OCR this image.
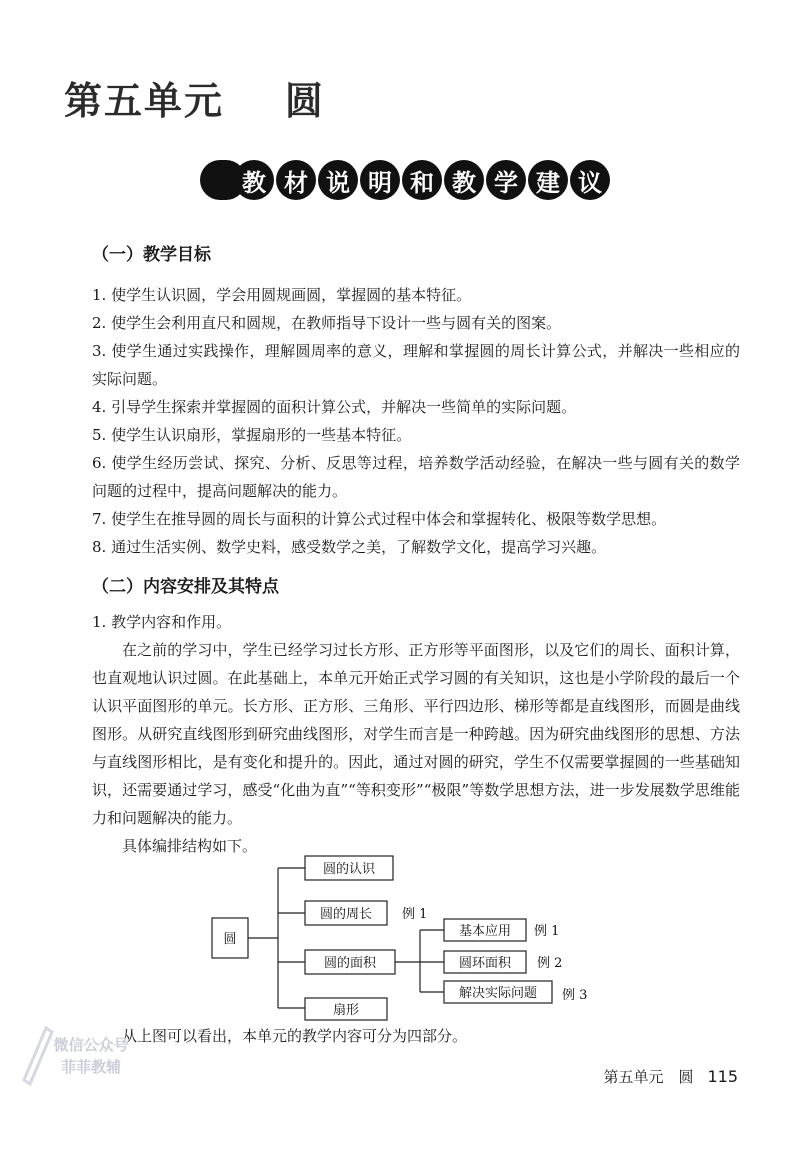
第五单元    圆
教 材 说 明 和 教 学 建 议
（一）教学目标
1. 使学生认识圆，学会用圆规画圆，掌握圆的基本特征。
2. 使学生会利用直尺和圆规，在教师指导下设计一些与圆有关的图案。
3. 使学生通过实践操作，理解圆周率的意义，理解和掌握圆的周长计算公式，并解决一些相应的实际问题。
4. 引导学生探索并掌握圆的面积计算公式，并解决一些简单的实际问题。
5. 使学生认识扇形，掌握扇形的一些基本特征。
6. 使学生经历尝试、探究、分析、反思等过程，培养数学活动经验，在解决一些与圆有关的数学问题的过程中，提高问题解决的能力。
7. 使学生在推导圆的周长与面积的计算公式过程中体会和掌握转化、极限等数学思想。
8. 通过生活实例、数学史料，感受数学之美，了解数学文化，提高学习兴趣。
（二）内容安排及其特点
1. 教学内容和作用。
在之前的学习中，学生已经学习过长方形、正方形等平面图形，以及它们的周长、面积计算，也直观地认识过圆。在此基础上，本单元开始正式学习圆的有关知识，这也是小学阶段的最后一个认识平面图形的单元。长方形、正方形、三角形、平行四边形、梯形等都是直线图形，而圆是曲线图形。从研究直线图形到研究曲线图形，对学生而言是一种跨越。因为研究曲线图形的思想、方法与直线图形相比，是有变化和提升的。因此，通过对圆的研究，学生不仅需要掌握圆的一些基础知识，还需要通过学习，感受“化曲为直”“等积变形”“极限”等数学思想方法，进一步发展数学思维能力和问题解决的能力。
具体编排结构如下。
圆
圆的认识
圆的周长
圆的面积
扇形
例 1
基本应用
圆环面积
解决实际问题
例 1
例 2
例 3
从上图可以看出，本单元的教学内容可分为四部分。
微信公众号
菲菲教辅
第五单元　圆 115
